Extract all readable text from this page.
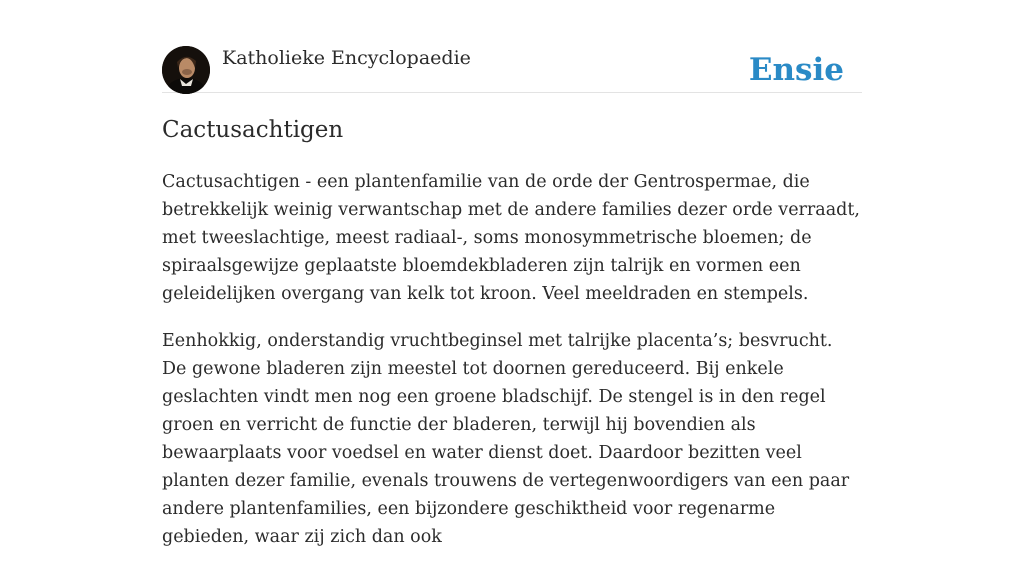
Katholieke Encyclopaedie	Ensie
Cactusachtigen

Cactusachtigen - een plantenfamilie van de orde der Gentrospermae, die betrekkelijk weinig verwantschap met de andere families dezer orde verraadt, met tweeslachtige, meest radiaal-, soms monosymmetrische bloemen; de spiraalsgewijze geplaatste bloemdekbladeren zijn talrijk en vormen een geleidelijken overgang van kelk tot kroon. Veel meeldraden en stempels.

Eenhokkig, onderstandig vruchtbeginsel met talrijke placenta’s; besvrucht. De gewone bladeren zijn meestel tot doornen gereduceerd. Bij enkele geslachten vindt men nog een groene bladschijf. De stengel is in den regel groen en verricht de functie der bladeren, terwijl hij bovendien als bewaarplaats voor voedsel en water dienst doet. Daardoor bezitten veel planten dezer familie, evenals trouwens de vertegenwoordigers van een paar andere plantenfamilies, een bijzondere geschiktheid voor regenarme gebieden, waar zij zich dan ook
